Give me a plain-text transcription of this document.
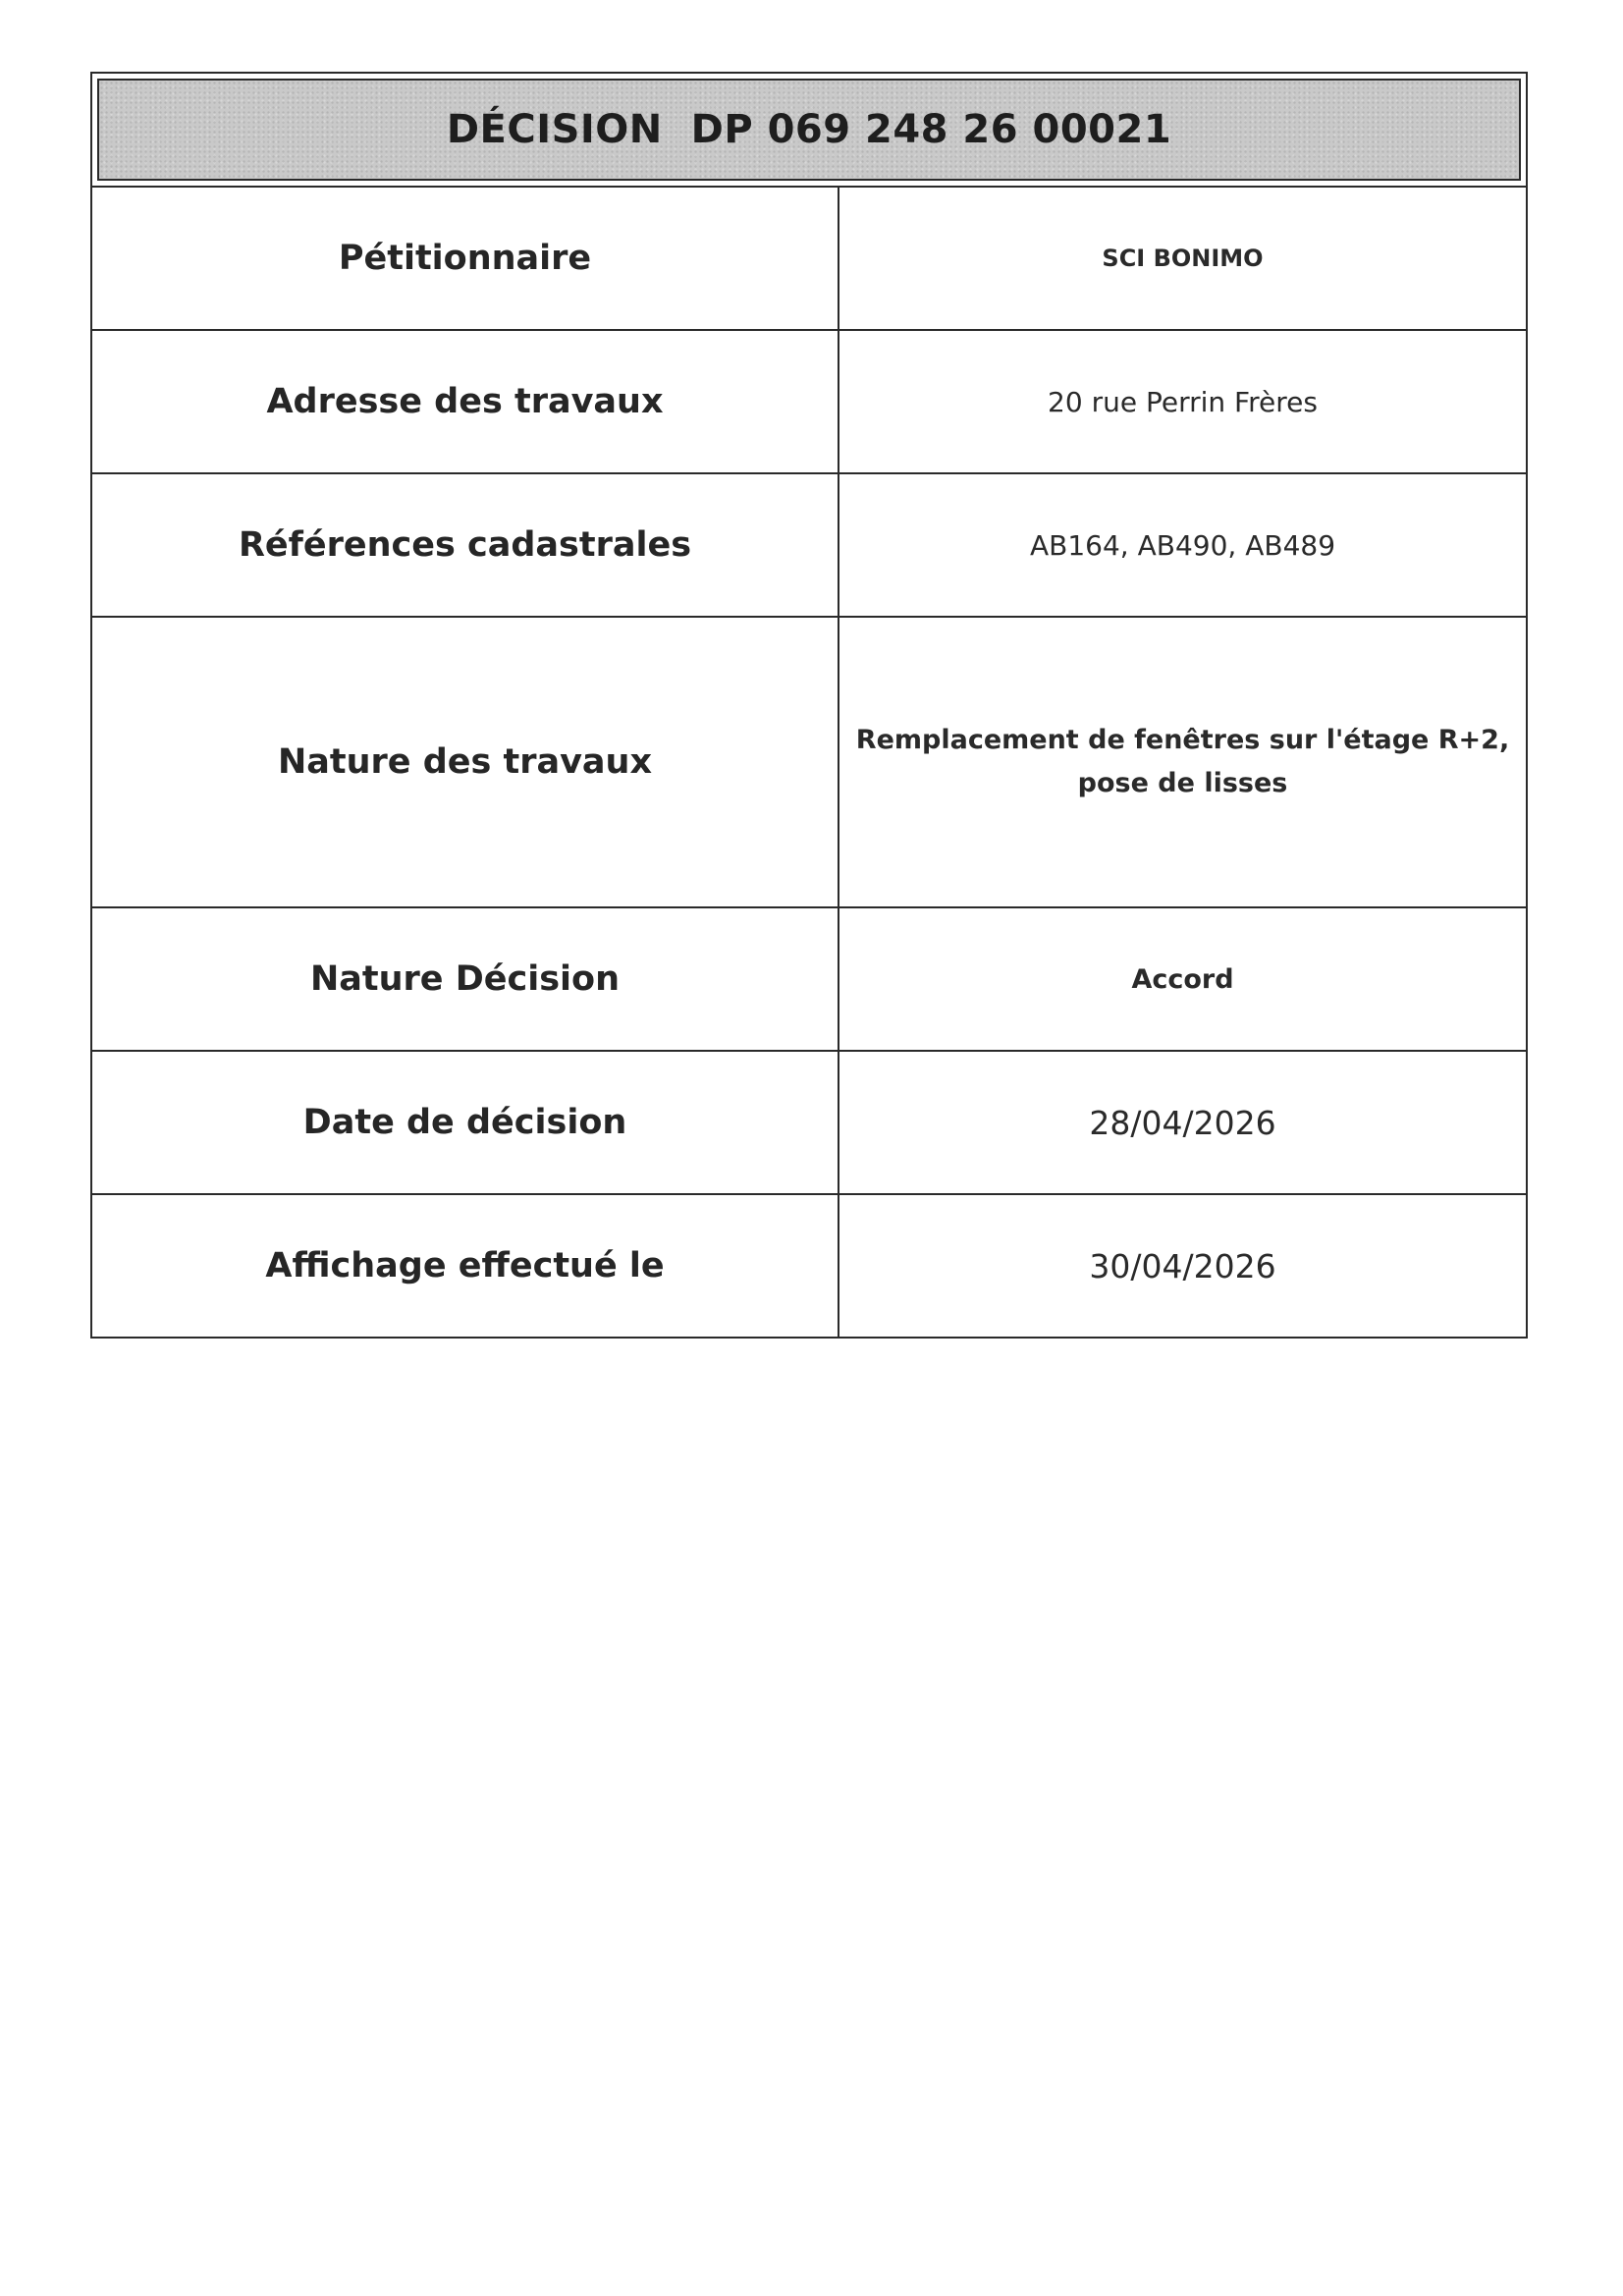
DÉCISION  DP 069 248 26 00021
Pétitionnaire	SCI BONIMO
Adresse des travaux	20 rue Perrin Frères
Références cadastrales	AB164, AB490, AB489
Nature des travaux	Remplacement de fenêtres sur l'étage R+2, pose de lisses
Nature Décision	Accord
Date de décision	28/04/2026
Affichage effectué le	30/04/2026
